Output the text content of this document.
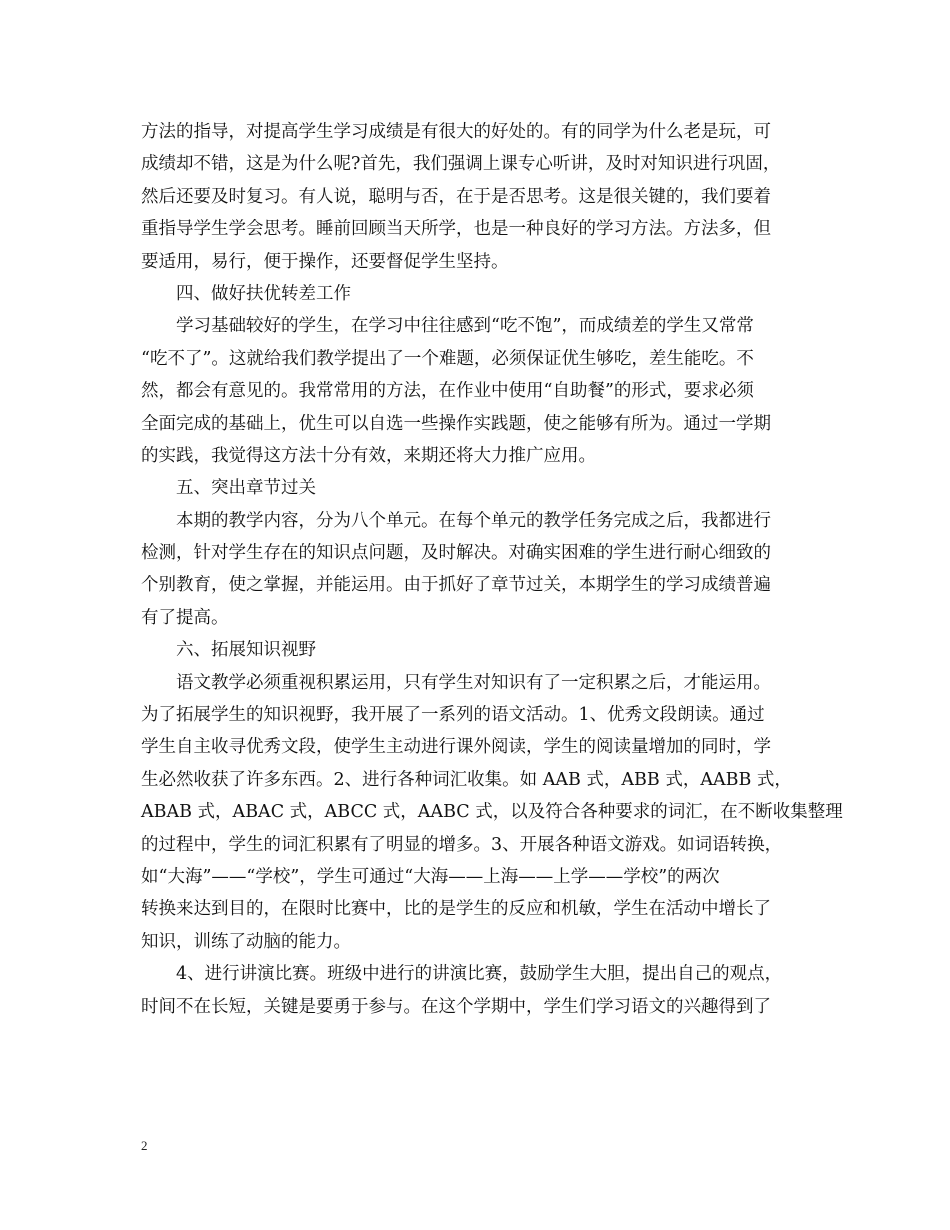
方法的指导，对提高学生学习成绩是有很大的好处的。有的同学为什么老是玩，可
成绩却不错，这是为什么呢?首先，我们强调上课专心听讲，及时对知识进行巩固，
然后还要及时复习。有人说，聪明与否，在于是否思考。这是很关键的，我们要着
重指导学生学会思考。睡前回顾当天所学，也是一种良好的学习方法。方法多，但
要适用，易行，便于操作，还要督促学生坚持。
四、做好扶优转差工作
学习基础较好的学生，在学习中往往感到“吃不饱”，而成绩差的学生又常常
“吃不了”。这就给我们教学提出了一个难题，必须保证优生够吃，差生能吃。不
然，都会有意见的。我常常用的方法，在作业中使用“自助餐”的形式，要求必须
全面完成的基础上，优生可以自选一些操作实践题，使之能够有所为。通过一学期
的实践，我觉得这方法十分有效，来期还将大力推广应用。
五、突出章节过关
本期的教学内容，分为八个单元。在每个单元的教学任务完成之后，我都进行
检测，针对学生存在的知识点问题，及时解决。对确实困难的学生进行耐心细致的
个别教育，使之掌握，并能运用。由于抓好了章节过关，本期学生的学习成绩普遍
有了提高。
六、拓展知识视野
语文教学必须重视积累运用，只有学生对知识有了一定积累之后，才能运用。
为了拓展学生的知识视野，我开展了一系列的语文活动。1、优秀文段朗读。通过
学生自主收寻优秀文段，使学生主动进行课外阅读，学生的阅读量增加的同时，学
生必然收获了许多东西。2、进行各种词汇收集。如 AAB 式，ABB 式，AABB 式，
ABAB 式，ABAC 式，ABCC 式，AABC 式，以及符合各种要求的词汇，在不断收集整理
的过程中，学生的词汇积累有了明显的增多。3、开展各种语文游戏。如词语转换，
如“大海”——“学校”，学生可通过“大海——上海——上学——学校”的两次
转换来达到目的，在限时比赛中，比的是学生的反应和机敏，学生在活动中增长了
知识，训练了动脑的能力。
4、进行讲演比赛。班级中进行的讲演比赛，鼓励学生大胆，提出自己的观点，
时间不在长短，关键是要勇于参与。在这个学期中，学生们学习语文的兴趣得到了
2
